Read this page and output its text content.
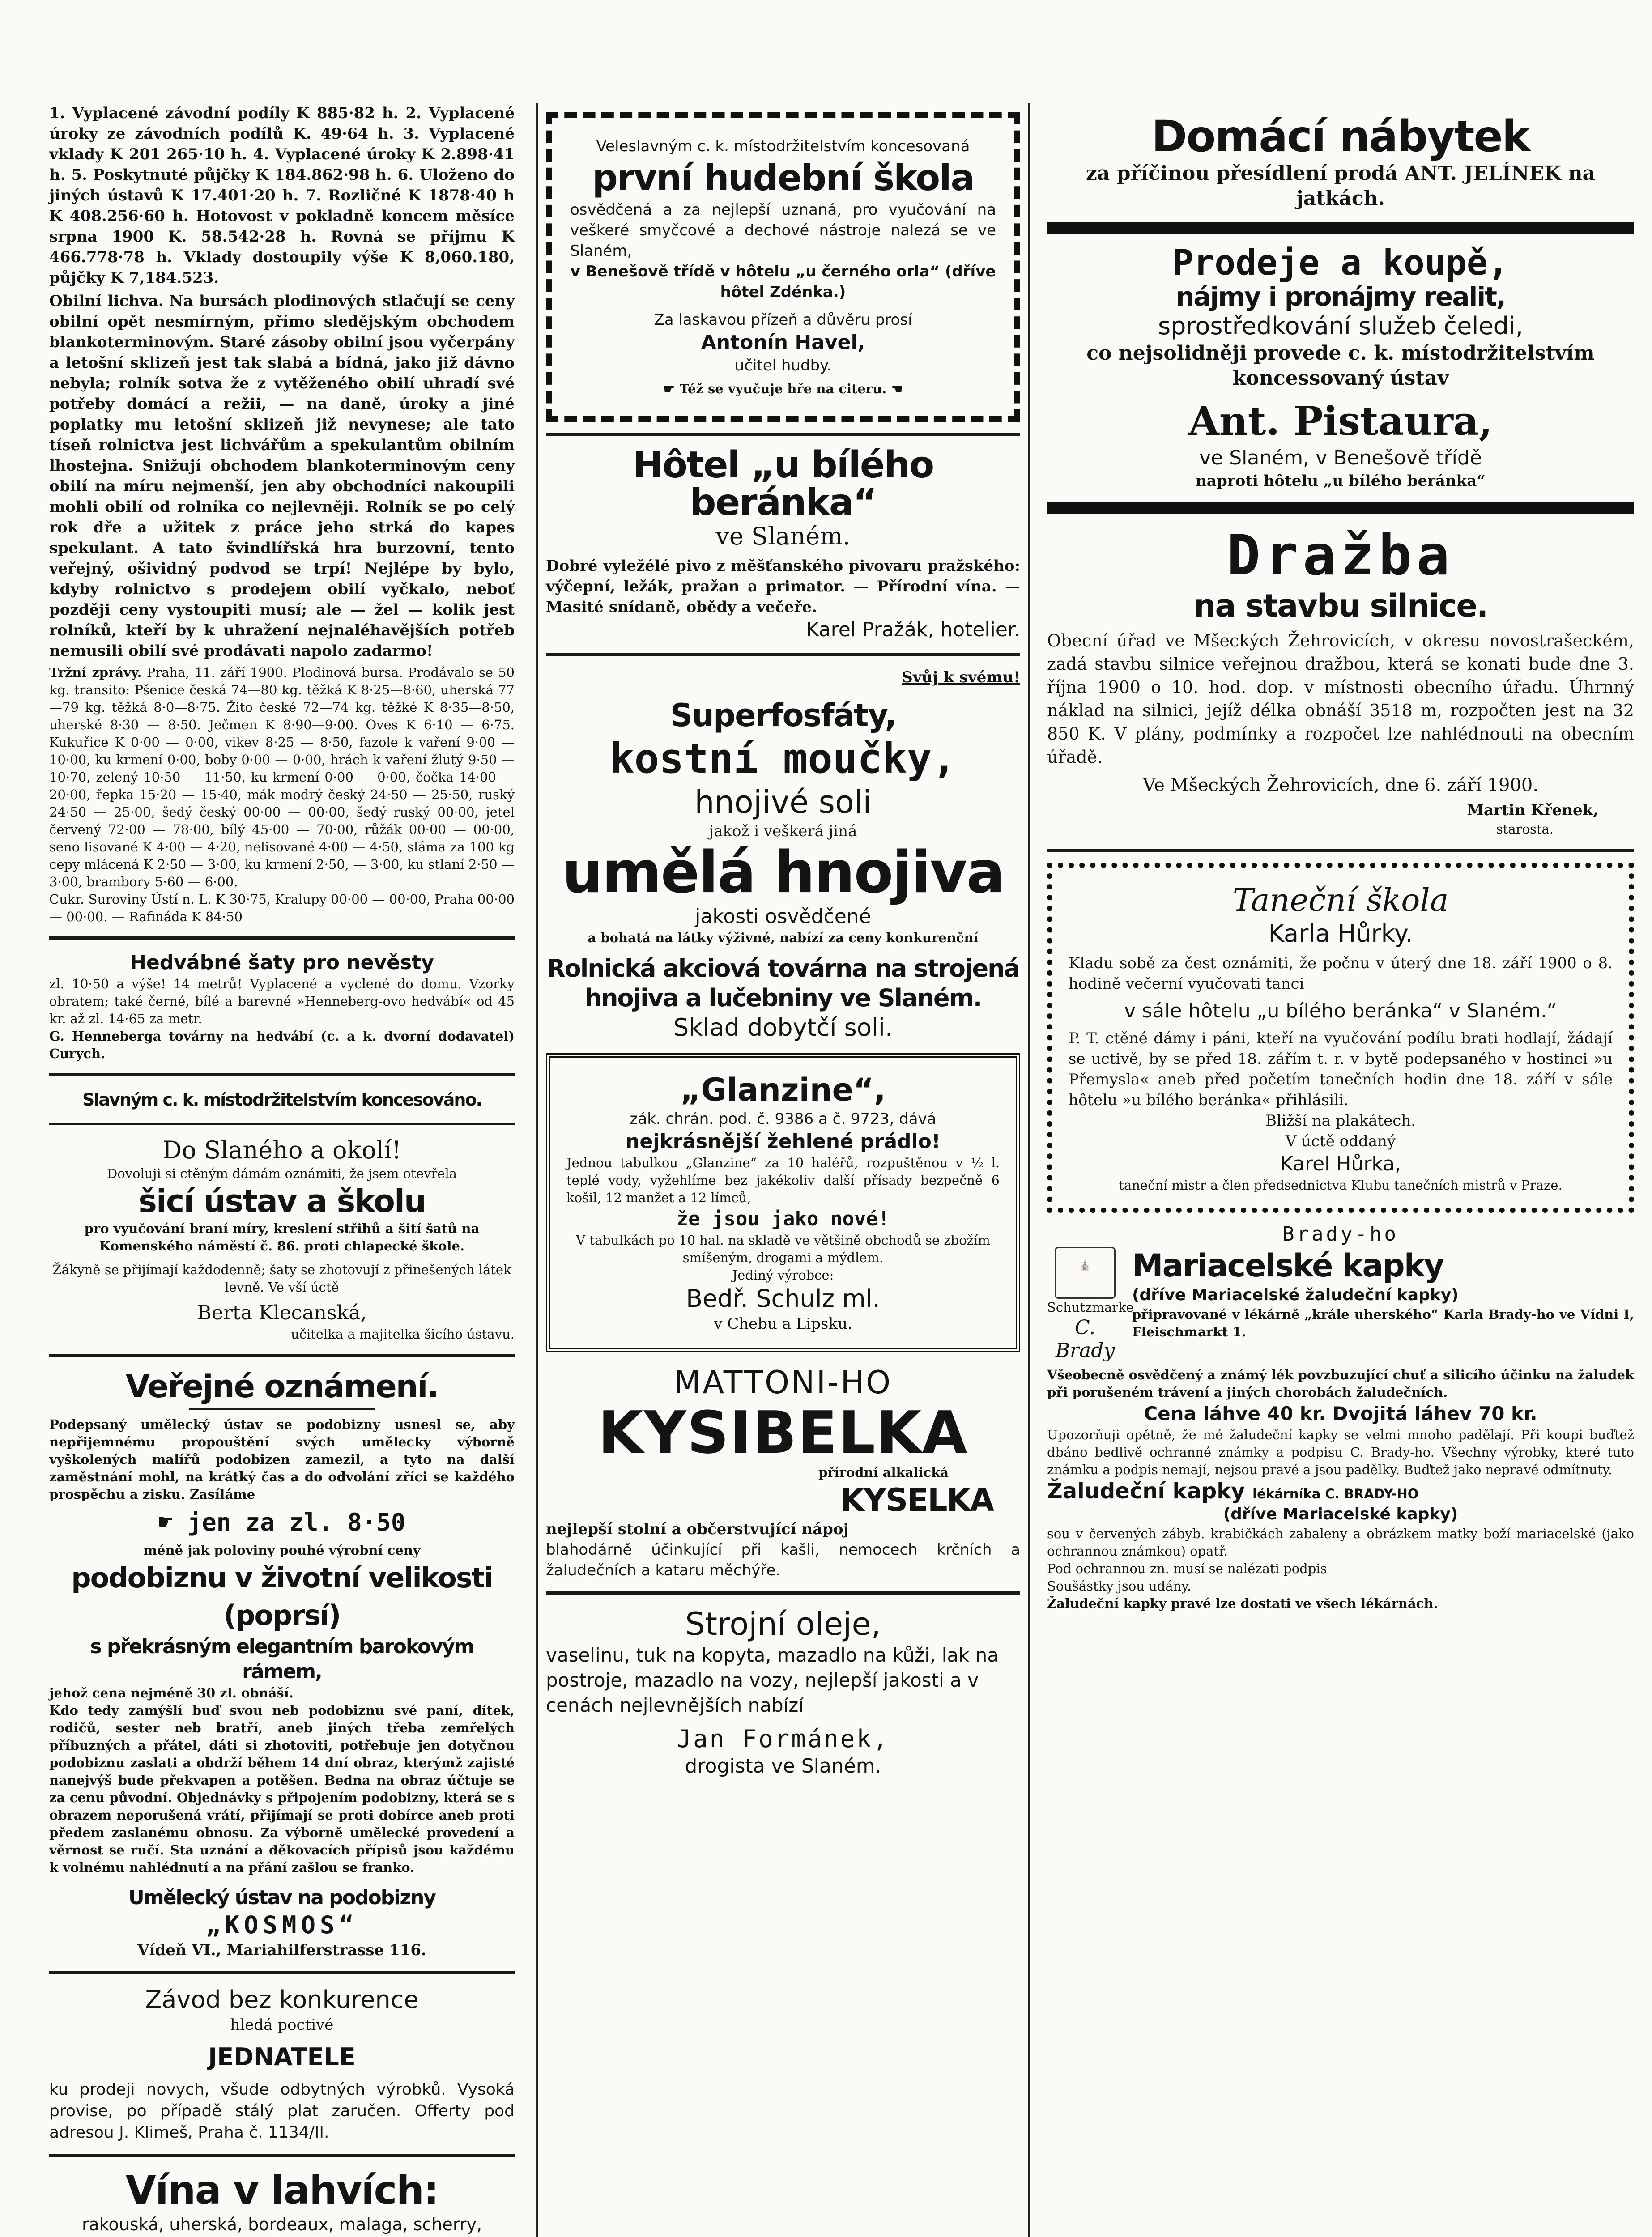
1. Vyplacené závodní podíly K 885·82 h. 2. Vyplacené úroky ze závodních podílů K. 49·64 h. 3. Vyplacené vklady K 201 265·10 h. 4. Vyplacené úroky K 2.898·41 h. 5. Poskytnuté půjčky K 184.862·98 h. 6. Uloženo do jiných ústavů K 17.401·20 h. 7. Rozličné K 1878·40 h K 408.256·60 h. Hotovost v pokladně koncem měsíce srpna 1900 K. 58.542·28 h. Rovná se příjmu K 466.778·78 h. Vklady dostoupily výše K 8,060.180, půjčky K 7,184.523.

Obilní lichva. Na bursách plodinových stlačují se ceny obilní opět nesmírným, přímo sledějským obchodem blankoterminovým. Staré zásoby obilní jsou vyčerpány a letošní sklizeň jest tak slabá a bídná, jako již dávno nebyla; rolník sotva že z vytěženého obilí uhradí své potřeby domácí a režii, — na daně, úroky a jiné poplatky mu letošní sklizeň již nevynese; ale tato tíseň rolnictva jest lichvářům a spekulantům obilním lhostejna. Snižují obchodem blankoterminovým ceny obilí na míru nejmenší, jen aby obchodníci nakoupili mohli obilí od rolníka co nejlevněji. Rolník se po celý rok dře a užitek z práce jeho strká do kapes spekulant. A tato švindlířská hra burzovní, tento veřejný, ošividný podvod se trpí! Nejlépe by bylo, kdyby rolnictvo s prodejem obilí vyčkalo, neboť později ceny vystoupiti musí; ale — žel — kolik jest rolníků, kteří by k uhražení nejnaléhavějších potřeb nemusili obilí své prodávati napolo zadarmo!

Tržní zprávy. Praha, 11. září 1900. Plodinová bursa. Prodávalo se 50 kg. transito: Pšenice česká 74—80 kg. těžká K 8·25—8·60, uherská 77—79 kg. těžká 8·0—8·75. Žito české 72—74 kg. těžké K 8·35—8·50, uherské 8·30 — 8·50. Ječmen K 8·90—9·00. Oves K 6·10 — 6·75. Kukuřice K 0·00 — 0·00, vikev 8·25 — 8·50, fazole k vaření 9·00 — 10·00, ku krmení 0·00, boby 0·00 — 0·00, hrách k vaření žlutý 9·50 — 10·70, zelený 10·50 — 11·50, ku krmení 0·00 — 0·00, čočka 14·00 — 20·00, řepka 15·20 — 15·40, mák modrý český 24·50 — 25·50, ruský 24·50 — 25·00, šedý český 00·00 — 00·00, šedý ruský 00·00, jetel červený 72·00 — 78·00, bílý 45·00 — 70·00, růžák 00·00 — 00·00, seno lisované K 4·00 — 4·20, nelisované 4·00 — 4·50, sláma za 100 kg cepy mlácená K 2·50 — 3·00, ku krmení 2·50, — 3·00, ku stlaní 2·50 — 3·00, brambory 5·60 — 6·00.

Cukr. Suroviny Ústí n. L. K 30·75, Kralupy 00·00 — 00·00, Praha 00·00 — 00·00. — Rafináda K 84·50

Hedvábné šaty pro nevěsty

zl. 10·50 a výše! 14 metrů! Vyplacené a vyclené do domu. Vzorky obratem; také černé, bílé a barevné »Henneberg-ovo hedvábí« od 45 kr. až zl. 14·65 za metr.

G. Henneberga továrny na hedvábí (c. a k. dvorní dodavatel) Curych.

Slavným c. k. místodržitelstvím koncesováno.

Do Slaného a okolí!

Dovoluji si ctěným dámám oznámiti, že jsem otevřela

šicí ústav a školu

pro vyučování braní míry, kreslení střihů a šití šatů na Komenského náměstí č. 86. proti chlapecké škole.

Žákyně se přijímají každodenně; šaty se zhotovují z přinešených látek levně. Ve vší úctě

Berta Klecanská,

učitelka a majitelka šicího ústavu.

Veřejné oznámení.

Podepsaný umělecký ústav se podobizny usnesl se, aby nepřijemnému propouštění svých umělecky výborně vyškolených malířů podobizen zamezil, a tyto na další zaměstnání mohl, na krátký čas a do odvolání zříci se každého prospěchu a zisku. Zasíláme

☛ jen za zl. 8·50

méně jak poloviny pouhé výrobní ceny

podobiznu v životní velikosti (poprsí)

s překrásným elegantním barokovým rámem,

jehož cena nejméně 30 zl. obnáší.

Kdo tedy zamýšlí buď svou neb podobiznu své paní, dítek, rodičů, sester neb bratří, aneb jiných třeba zemřelých příbuzných a přátel, dáti si zhotoviti, potřebuje jen dotyčnou podobiznu zaslati a obdrží během 14 dní obraz, kterýmž zajisté nanejvýš bude překvapen a potěšen. Bedna na obraz účtuje se za cenu původní. Objednávky s připojením podobizny, která se s obrazem neporušená vrátí, přijímají se proti dobírce aneb proti předem zaslanému obnosu. Za výborně umělecké provedení a věrnost se ručí. Sta uznání a děkovacích přípisů jsou každému k volnému nahlédnutí a na přání zašlou se franko.

Umělecký ústav na podobizny

„KOSMOS“

Vídeň VI., Mariahilferstrasse 116.

Závod bez konkurence

hledá poctivé

JEDNATELE

ku prodeji novych, všude odbytných výrobků. Vysoká provise, po případě stálý plat zaručen. Offerty pod adresou J. Klimeš, Praha č. 1134/II.

Vína v lahvích:

rakouská, uherská, bordeaux, malaga, scherry,

Veleslavným c. k. místodržitelstvím koncesovaná

první hudební škola

osvědčená a za nejlepší uznaná, pro vyučování na veškeré smyčcové a dechové nástroje nalezá se ve Slaném,

v Benešově třídě v hôtelu „u černého orla“ (dříve hôtel Zdénka.)

Za laskavou přízeň a důvěru prosí

Antonín Havel,

učitel hudby.

☛ Též se vyučuje hře na citeru. ☚

Hôtel „u bílého beránka“

ve Slaném.

Dobré vyležélé pivo z měšťanského pivovaru pražského: výčepní, ležák, pražan a primator. — Přírodní vína. — Masité snídaně, obědy a večeře.

Karel Pražák, hotelier.

Svůj k svému!

Superfosfáty,

kostní moučky,

hnojivé soli

jakož i veškerá jiná

umělá hnojiva

jakosti osvědčené

a bohatá na látky výživné, nabízí za ceny konkurenční

Rolnická akciová továrna na strojená hnojiva a lučebniny ve Slaném.

Sklad dobytčí soli.

„Glanzine“,

zák. chrán. pod. č. 9386 a č. 9723, dává

nejkrásnější žehlené prádlo!

Jednou tabulkou „Glanzine“ za 10 haléřů, rozpuštěnou v ½ l. teplé vody, vyžehlíme bez jakékoliv další přísady bezpečně 6 košil, 12 manžet a 12 límců,

že jsou jako nové!

V tabulkách po 10 hal. na skladě ve většině obchodů se zbožím smíšeným, drogami a mýdlem.

Jediný výrobce:

Bedř. Schulz ml.

v Chebu a Lipsku.

MATTONI-HO

KYSIBELKA

přírodní alkalická

KYSELKA

nejlepší stolní a občerstvující nápoj

blahodárně účinkující při kašli, nemocech krčních a žaludečních a kataru měchýře.

Strojní oleje,

vaselinu, tuk na kopyta, mazadlo na kůži, lak na postroje, mazadlo na vozy, nejlepší jakosti a v cenách nejlevnějších nabízí

Jan Formánek,

drogista ve Slaném.

Domácí nábytek

za příčinou přesídlení prodá ANT. JELÍNEK na jatkách.

Prodeje a koupě,

nájmy i pronájmy realit,

sprostředkování služeb čeledi,

co nejsolidněji provede c. k. místodržitelstvím koncessovaný ústav

Ant. Pistaura,

ve Slaném, v Benešově třídě

naproti hôtelu „u bílého beránka“

Dražba

na stavbu silnice.

Obecní úřad ve Mšeckých Žehrovicích, v okresu novostrašeckém, zadá stavbu silnice veřejnou dražbou, která se konati bude dne 3. října 1900 o 10. hod. dop. v místnosti obecního úřadu. Úhrnný náklad na silnici, jejíž délka obnáší 3518 m, rozpočten jest na 32 850 K. V plány, podmínky a rozpočet lze nahlédnouti na obecním úřadě.

Ve Mšeckých Žehrovicích, dne 6. září 1900.

Martin Křenek,

starosta.

Taneční škola

Karla Hůrky.

Kladu sobě za čest oznámiti, že počnu v úterý dne 18. září 1900 o 8. hodině večerní vyučovati tanci

v sále hôtelu „u bílého beránka“ v Slaném.“

P. T. ctěné dámy i páni, kteří na vyučování podílu brati hodlají, žádají se uctivě, by se před 18. zářím t. r. v bytě podepsaného v hostinci »u Přemysla« aneb před početím tanečních hodin dne 18. září v sále hôtelu »u bílého beránka« přihlásili.

Bližší na plakátech.

V úctě oddaný

Karel Hůrka,

taneční mistr a člen předsednictva Klubu tanečních mistrů v Praze.

Brady-ho

⛪

Schutzmarke

C. Brady

Mariacelské kapky

(dříve Mariacelské žaludeční kapky)

připravované v lékárně „krále uherského“ Karla Brady-ho ve Vídni I, Fleischmarkt 1.

Všeobecně osvědčený a známý lék povzbuzující chuť a silicího účinku na žaludek při porušeném trávení a jiných chorobách žaludečních.

Cena láhve 40 kr. Dvojitá láhev 70 kr.

Upozorňuji opětně, že mé žaludeční kapky se velmi mnoho padělají. Při koupi buďtež dbáno bedlivě ochranné známky a podpisu C. Brady-ho. Všechny výrobky, které tuto známku a podpis nemají, nejsou pravé a jsou padělky. Buďtež jako nepravé odmítnuty.

Žaludeční kapky lékárníka C. BRADY-HO

(dříve Mariacelské kapky)

sou v červených zábyb. krabičkách zabaleny a obrázkem matky boží mariacelské (jako ochrannou známkou) opatř.

Pod ochrannou zn. musí se nalézati podpis

Soušástky jsou udány.

Žaludeční kapky pravé lze dostati ve všech lékárnách.
